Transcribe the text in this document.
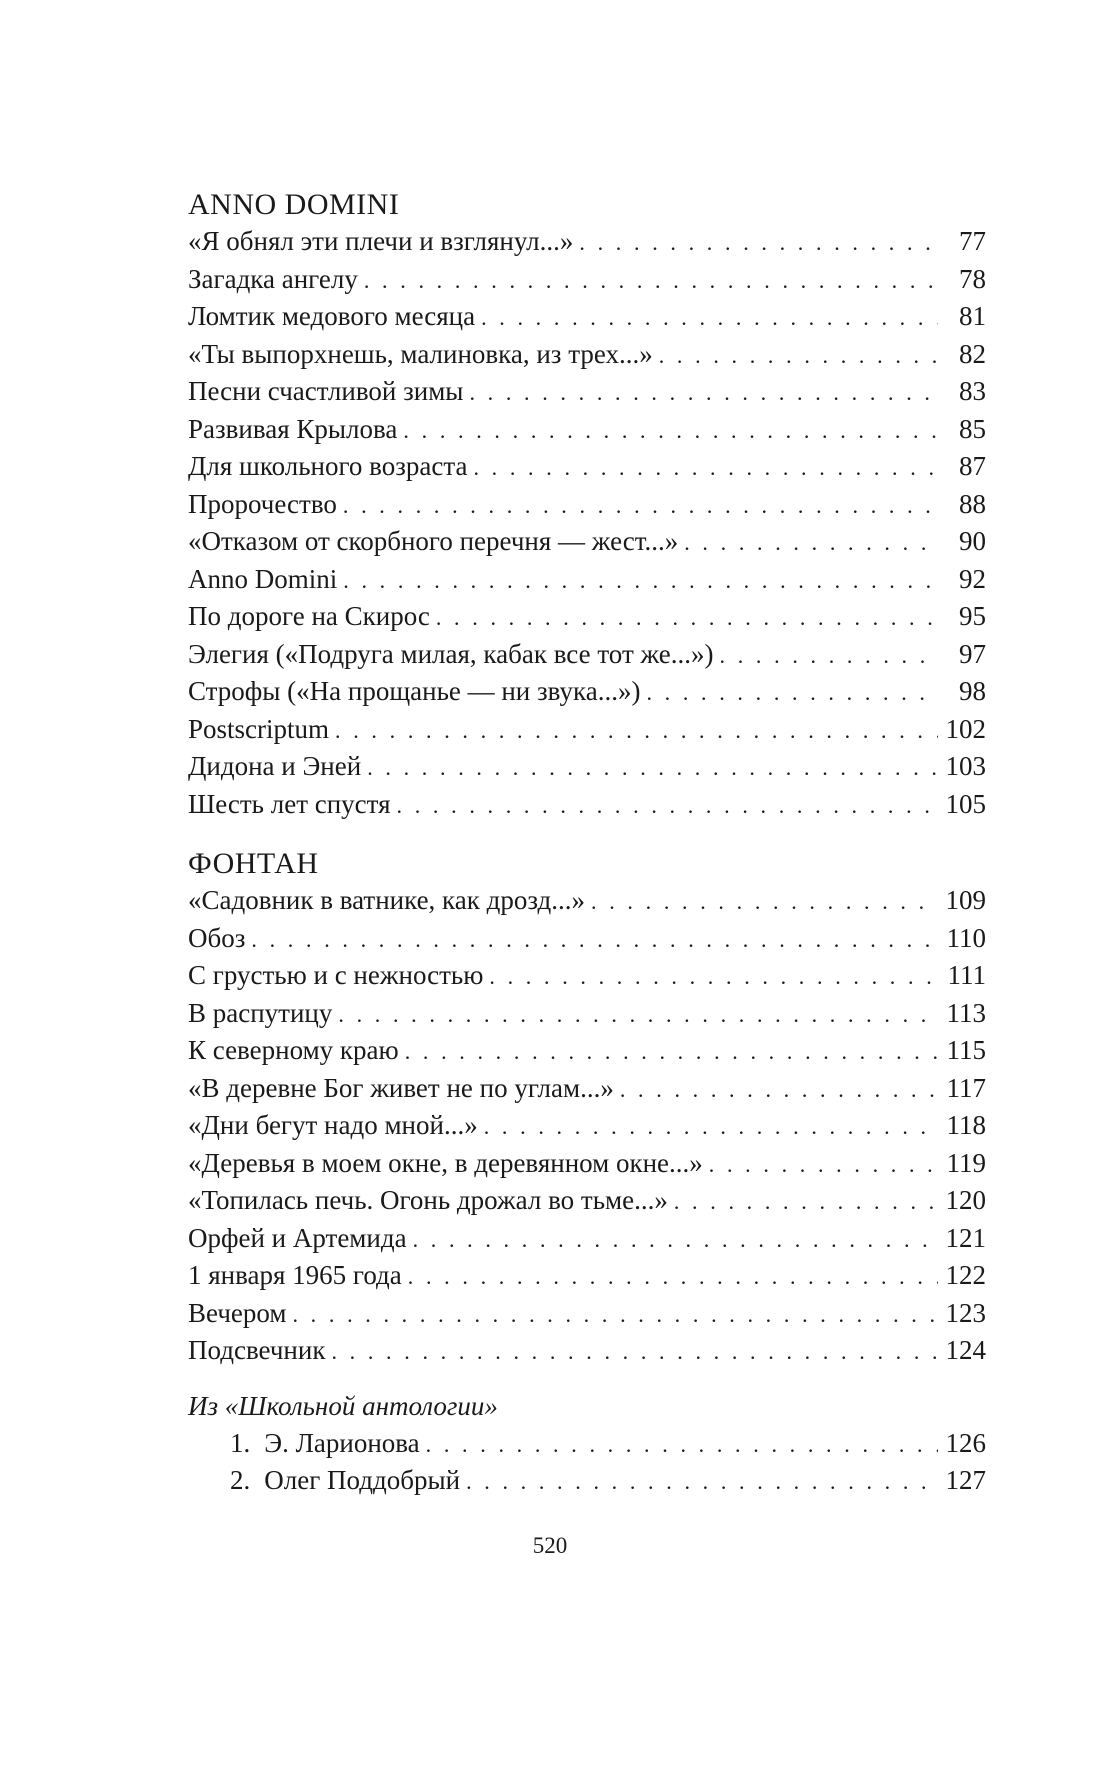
ANNO DOMINI
«Я обнял эти плечи и взглянул...» . . .	77
Загадка ангелу . . .	78
Ломтик медового месяца . . .	81
«Ты выпорхнешь, малиновка, из трех...» . . .	82
Песни счастливой зимы . . .	83
Развивая Крылова . . .	85
Для школьного возраста . . .	87
Пророчество . . .	88
«Отказом от скорбного перечня — жест...» . . .	90
Anno Domini . . .	92
По дороге на Скирос . . .	95
Элегия («Подруга милая, кабак все тот же...») . . .	97
Строфы («На прощанье — ни звука...») . . .	98
Postscriptum . . .	102
Дидона и Эней . . .	103
Шесть лет спустя . . .	105
ФОНТАН
«Садовник в ватнике, как дрозд...» . . .	109
Обоз . . .	110
С грустью и с нежностью . . .	111
В распутицу . . .	113
К северному краю . . .	115
«В деревне Бог живет не по углам...» . . .	117
«Дни бегут надо мной...» . . .	118
«Деревья в моем окне, в деревянном окне...» . . .	119
«Топилась печь. Огонь дрожал во тьме...» . . .	120
Орфей и Артемида . . .	121
1 января 1965 года . . .	122
Вечером . . .	123
Подсвечник . . .	124
Из «Школьной антологии»
1. Э. Ларионова . . .	126
2. Олег Поддобрый . . .	127
520
